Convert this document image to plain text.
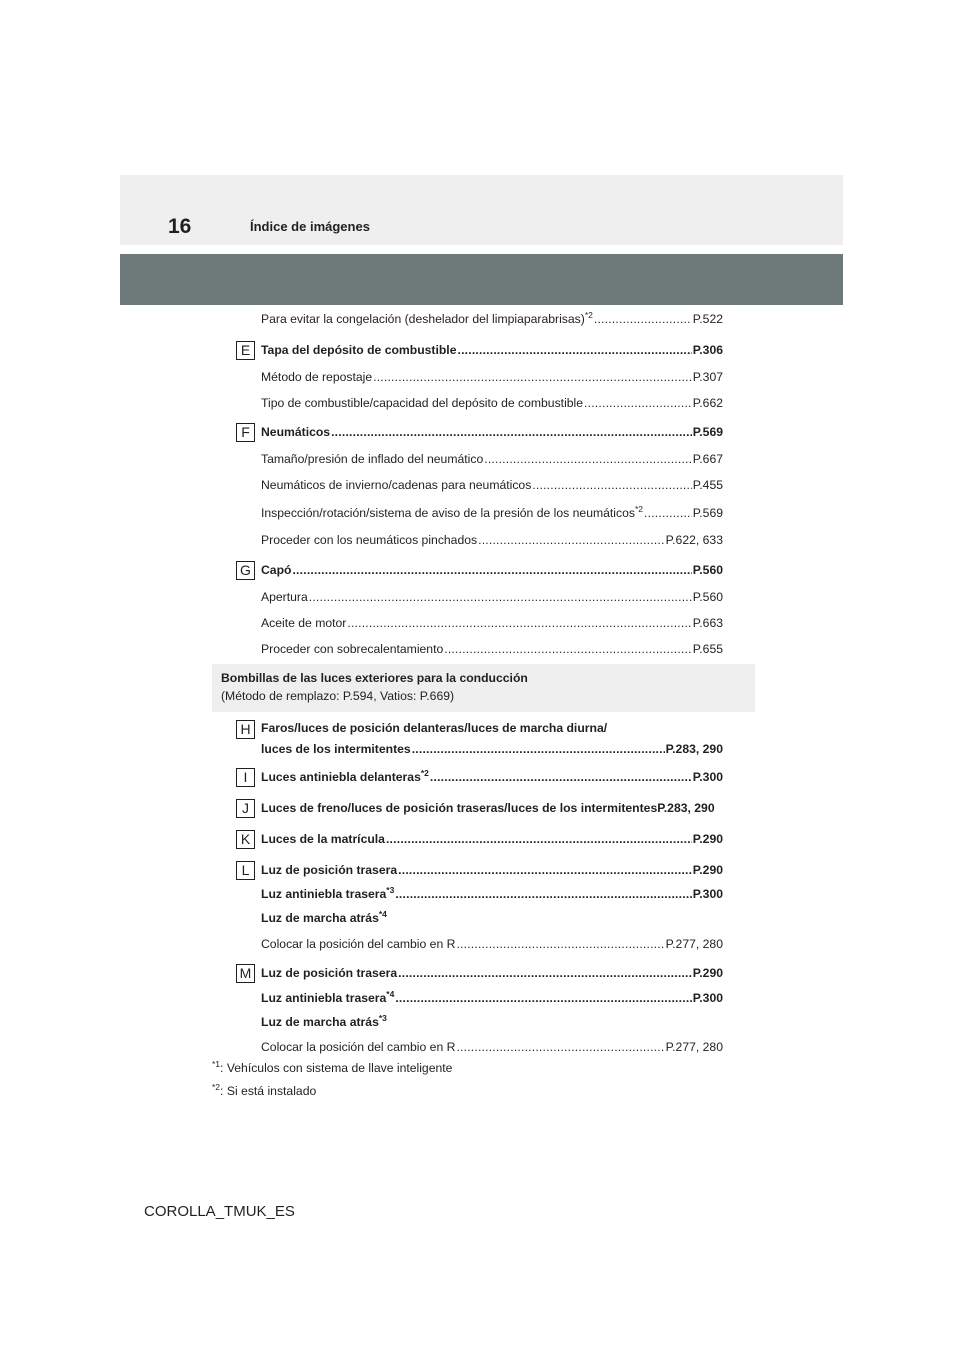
16	Índice de imágenes
Para evitar la congelación (deshelador del limpiaparabrisas)$^{*2}$ .....	P.522
E Tapa del depósito de combustible .....	P.306
Método de repostaje .....	P.307
Tipo de combustible/capacidad del depósito de combustible .....	P.662
F Neumáticos .....	P.569
Tamaño/presión de inflado del neumático .....	P.667
Neumáticos de invierno/cadenas para neumáticos .....	P.455
Inspección/rotación/sistema de aviso de la presión de los neumáticos$^{*2}$ .....	P.569
Proceder con los neumáticos pinchados .....	P.622, 633
G Capó .....	P.560
Apertura .....	P.560
Aceite de motor .....	P.663
Proceder con sobrecalentamiento .....	P.655
Bombillas de las luces exteriores para la conducción
(Método de remplazo: P.594, Vatios: P.669)
H Faros/luces de posición delanteras/luces de marcha diurna/
luces de los intermitentes .....	P.283, 290
I	Luces antiniebla delanteras$^{*2}$ .....	P.300
J Luces de freno/luces de posición traseras/luces de los intermitentesP.283, 290
K Luces de la matrícula .....	P.290
L Luz de posición trasera .....	P.290
Luz antiniebla trasera$^{*3}$ .....	P.300
Luz de marcha atrás$^{*4}$
Colocar la posición del cambio en R .....	P.277, 280
M Luz de posición trasera .....	P.290
Luz antiniebla trasera$^{*4}$ .....	P.300
Luz de marcha atrás$^{*3}$
Colocar la posición del cambio en R .....	P.277, 280
$^{*1}$: Vehículos con sistema de llave inteligente
$^{*2}$: Si está instalado
COROLLA_TMUK_ES
